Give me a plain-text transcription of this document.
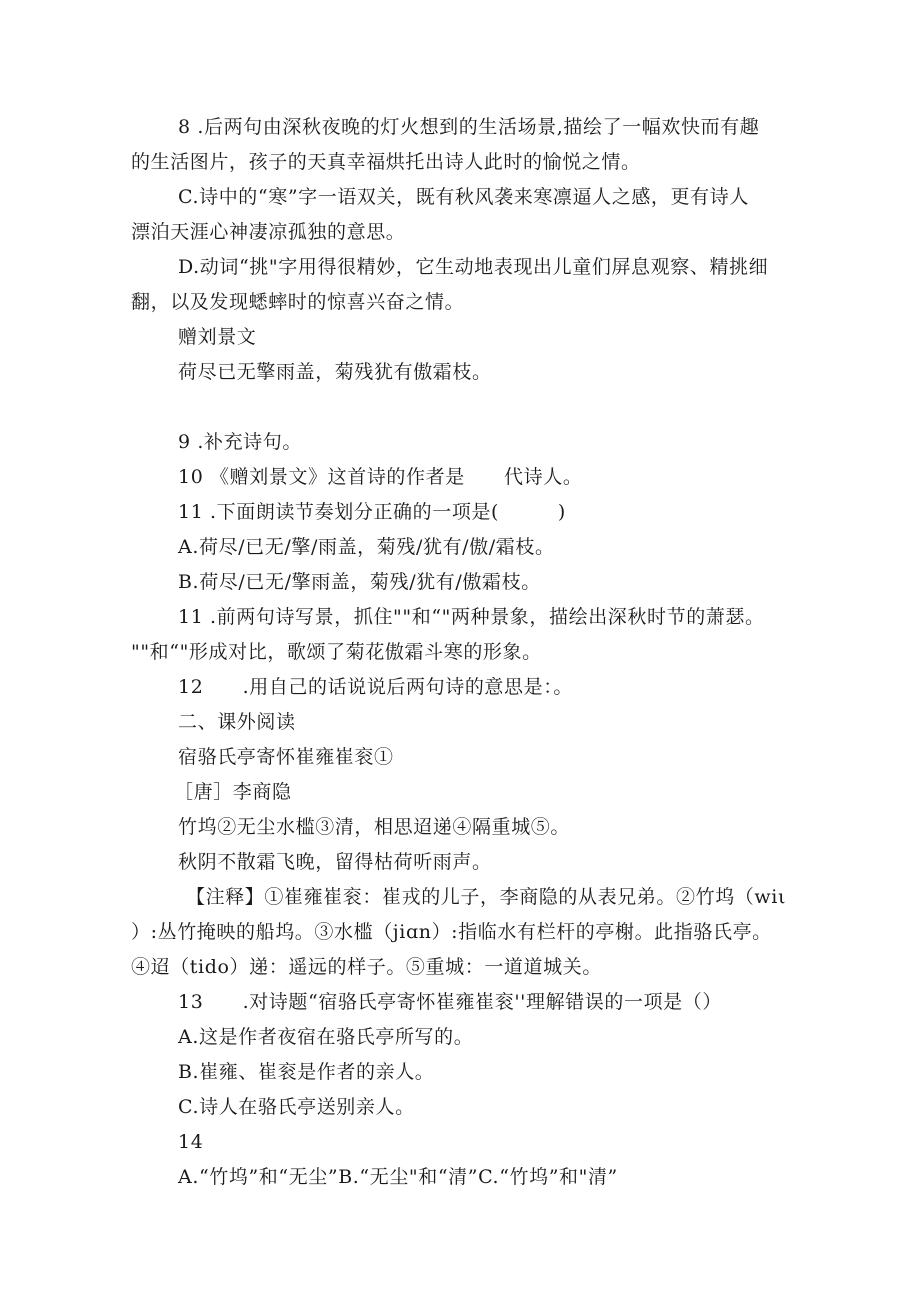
8 .后两句由深秋夜晚的灯火想到的生活场景,描绘了一幅欢快而有趣
的生活图片，孩子的天真幸福烘托出诗人此时的愉悦之情。
C.诗中的“寒”字一语双关，既有秋风袭来寒凛逼人之感，更有诗人
漂泊天涯心神凄凉孤独的意思。
D.动词“挑"字用得很精妙，它生动地表现出儿童们屏息观察、精挑细
翻，以及发现蟋蟀时的惊喜兴奋之情。
赠刘景文
荷尽已无擎雨盖，菊残犹有傲霜枝。
9 .补充诗句。
10 《赠刘景文》这首诗的作者是　　代诗人。
11 .下面朗读节奏划分正确的一项是(　　　)
A.荷尽/已无/擎/雨盖，菊残/犹有/傲/霜枝。
B.荷尽/已无/擎雨盖，菊残/犹有/傲霜枝。
11 .前两句诗写景，抓住""和“"两种景象，描绘出深秋时节的萧瑟。
""和“"形成对比，歌颂了菊花傲霜斗寒的形象。
12　　.用自己的话说说后两句诗的意思是：。
二、课外阅读
宿骆氏亭寄怀崔雍崔衮①
［唐］李商隐
竹坞②无尘水槛③清，相思迢递④隔重城⑤。
秋阴不散霜飞晚，留得枯荷听雨声。
【注释】①崔雍崔衮：崔戎的儿子，李商隐的从表兄弟。②竹坞（wiι
）:丛竹掩映的船坞。③水槛（jiɑn）:指临水有栏杆的亭榭。此指骆氏亭。
④迢（tido）递：遥远的样子。⑤重城：一道道城关。
13　　.对诗题“宿骆氏亭寄怀崔雍崔衮''理解错误的一项是（）
A.这是作者夜宿在骆氏亭所写的。
B.崔雍、崔衮是作者的亲人。
C.诗人在骆氏亭送别亲人。
14
A.“竹坞”和“无尘”B.“无尘"和“清”C.“竹坞”和"清”
